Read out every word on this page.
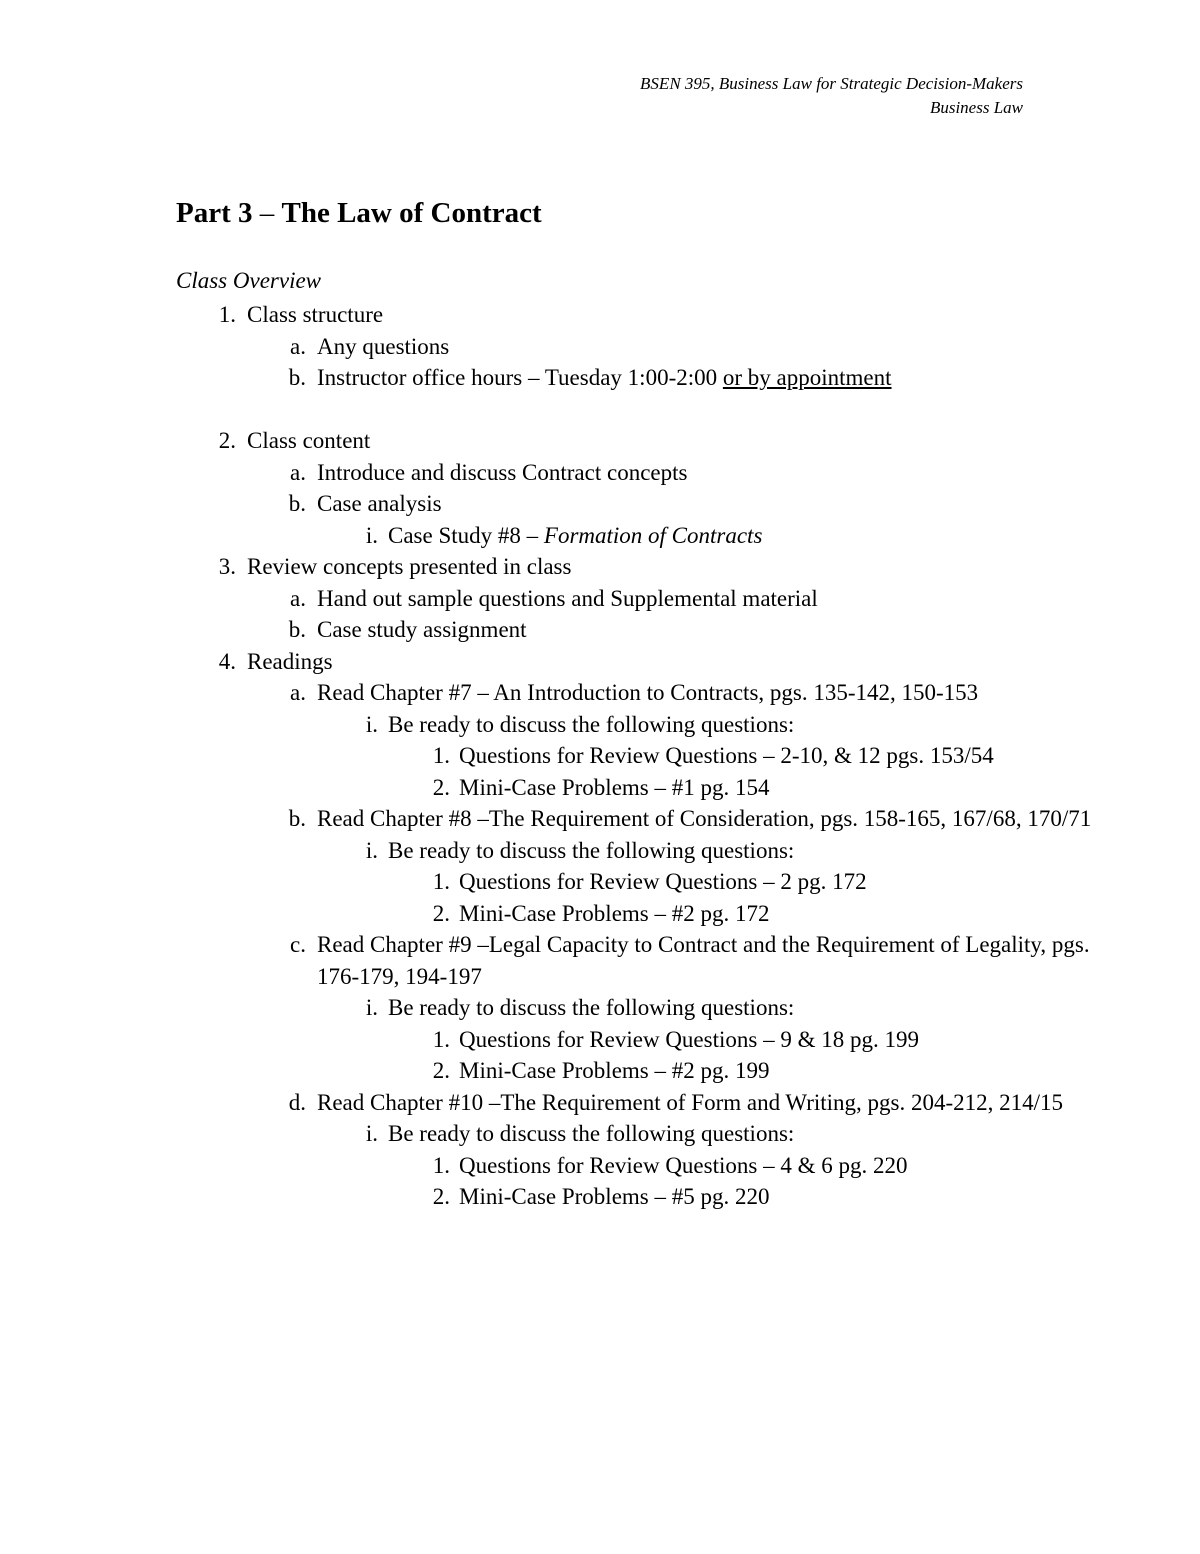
BSEN 395, Business Law for Strategic Decision-Makers
Business Law
Part 3 – The Law of Contract
Class Overview
1. Class structure
a. Any questions
b. Instructor office hours – Tuesday 1:00-2:00 or by appointment
2. Class content
a. Introduce and discuss Contract concepts
b. Case analysis
i. Case Study #8 – Formation of Contracts
3. Review concepts presented in class
a. Hand out sample questions and Supplemental material
b. Case study assignment
4. Readings
a. Read Chapter #7 – An Introduction to Contracts, pgs. 135-142, 150-153
i. Be ready to discuss the following questions:
1. Questions for Review Questions – 2-10, & 12 pgs. 153/54
2. Mini-Case Problems – #1 pg. 154
b. Read Chapter #8 –The Requirement of Consideration, pgs. 158-165, 167/68, 170/71
i. Be ready to discuss the following questions:
1. Questions for Review Questions – 2 pg. 172
2. Mini-Case Problems – #2 pg. 172
c. Read Chapter #9 –Legal Capacity to Contract and the Requirement of Legality, pgs. 176-179, 194-197
i. Be ready to discuss the following questions:
1. Questions for Review Questions – 9 & 18 pg. 199
2. Mini-Case Problems – #2 pg. 199
d. Read Chapter #10 –The Requirement of Form and Writing, pgs. 204-212, 214/15
i. Be ready to discuss the following questions:
1. Questions for Review Questions – 4 & 6 pg. 220
2. Mini-Case Problems – #5 pg. 220
